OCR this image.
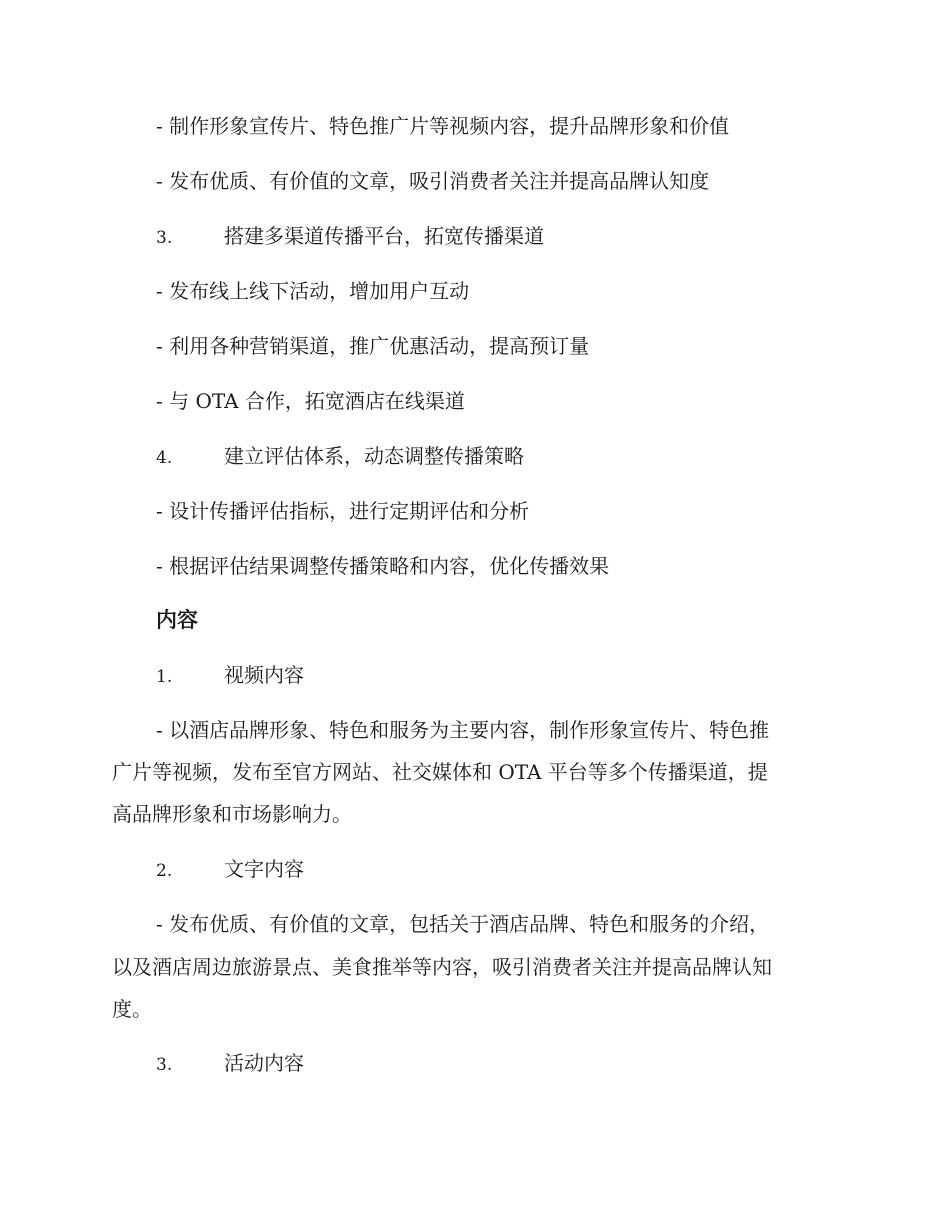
- 制作形象宣传片、特色推广片等视频内容，提升品牌形象和价值
- 发布优质、有价值的文章，吸引消费者关注并提高品牌认知度
3.	搭建多渠道传播平台，拓宽传播渠道
- 发布线上线下活动，增加用户互动
- 利用各种营销渠道，推广优惠活动，提高预订量
- 与 OTA 合作，拓宽酒店在线渠道
4.	建立评估体系，动态调整传播策略
- 设计传播评估指标，进行定期评估和分析
- 根据评估结果调整传播策略和内容，优化传播效果
内容
1.	视频内容
- 以酒店品牌形象、特色和服务为主要内容，制作形象宣传片、特色推
广片等视频，发布至官方网站、社交媒体和 OTA 平台等多个传播渠道，提
高品牌形象和市场影响力。
2.	文字内容
- 发布优质、有价值的文章，包括关于酒店品牌、特色和服务的介绍，
以及酒店周边旅游景点、美食推举等内容，吸引消费者关注并提高品牌认知
度。
3.	活动内容
